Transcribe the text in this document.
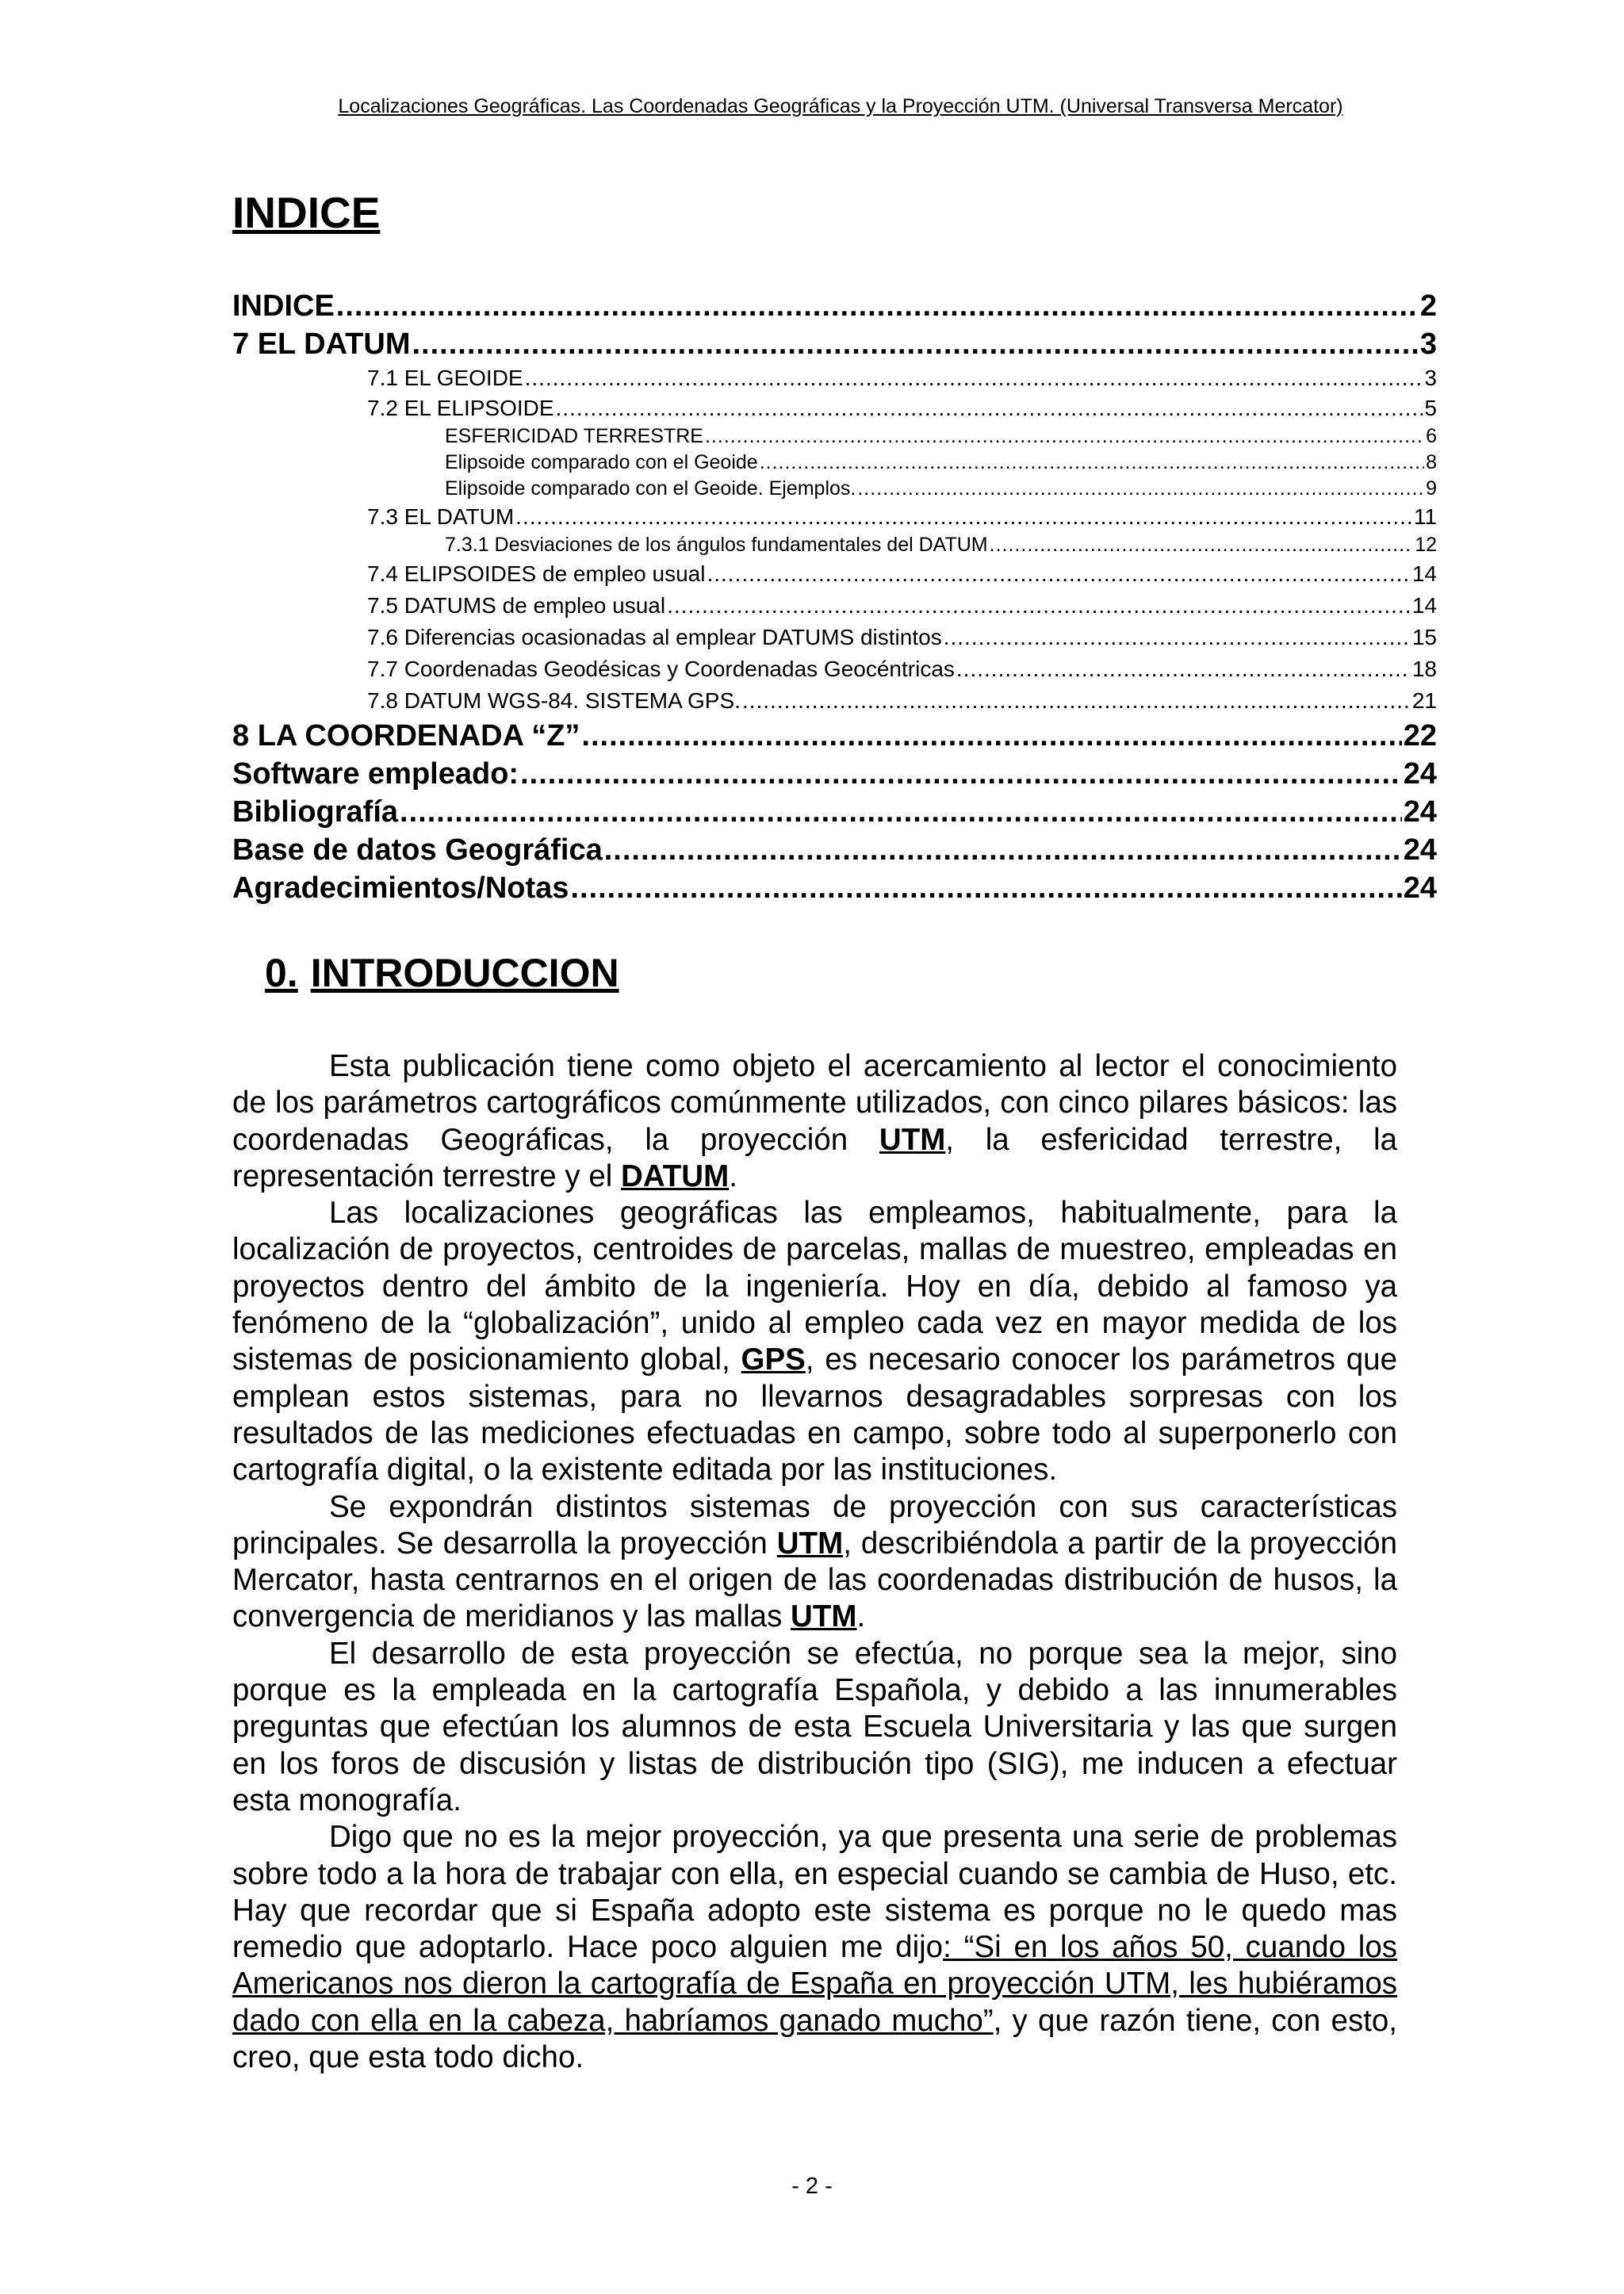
Localizaciones Geográficas. Las Coordenadas Geográficas y la Proyección UTM. (Universal Transversa Mercator)
INDICE
INDICE .....	2
7 EL DATUM .....	3
7.1 EL GEOIDE .....	3
7.2 EL ELIPSOIDE .....	5
ESFERICIDAD TERRESTRE .....	6
Elipsoide comparado con el Geoide .....	8
Elipsoide comparado con el Geoide. Ejemplos. .....	9
7.3 EL DATUM .....	11
7.3.1 Desviaciones de los ángulos fundamentales del DATUM .....	12
7.4 ELIPSOIDES de empleo usual .....	14
7.5 DATUMS de empleo usual .....	14
7.6 Diferencias ocasionadas al emplear DATUMS distintos .....	15
7.7 Coordenadas Geodésicas y Coordenadas Geocéntricas .....	18
7.8 DATUM WGS-84. SISTEMA GPS. .....	21
8 LA COORDENADA “Z” .....	22
Software empleado: .....	24
Bibliografía .....	24
Base de datos Geográfica .....	24
Agradecimientos/Notas .....	24
0. INTRODUCCION

Esta publicación tiene como objeto el acercamiento al lector el conocimiento de los parámetros cartográficos comúnmente utilizados, con cinco pilares básicos: las coordenadas Geográficas, la proyección UTM, la esfericidad terrestre, la representación terrestre y el DATUM.

Las localizaciones geográficas las empleamos, habitualmente, para la localización de proyectos, centroides de parcelas, mallas de muestreo, empleadas en proyectos dentro del ámbito de la ingeniería. Hoy en día, debido al famoso ya fenómeno de la “globalización”, unido al empleo cada vez en mayor medida de los sistemas de posicionamiento global, GPS, es necesario conocer los parámetros que emplean estos sistemas, para no llevarnos desagradables sorpresas con los resultados de las mediciones efectuadas en campo, sobre todo al superponerlo con cartografía digital, o la existente editada por las instituciones.

Se expondrán distintos sistemas de proyección con sus características principales. Se desarrolla la proyección UTM, describiéndola a partir de la proyección Mercator, hasta centrarnos en el origen de las coordenadas distribución de husos, la convergencia de meridianos y las mallas UTM.

El desarrollo de esta proyección se efectúa, no porque sea la mejor, sino porque es la empleada en la cartografía Española, y debido a las innumerables preguntas que efectúan los alumnos de esta Escuela Universitaria y las que surgen en los foros de discusión y listas de distribución tipo (SIG), me inducen a efectuar esta monografía.

Digo que no es la mejor proyección, ya que presenta una serie de problemas sobre todo a la hora de trabajar con ella, en especial cuando se cambia de Huso, etc. Hay que recordar que si España adopto este sistema es porque no le quedo mas remedio que adoptarlo. Hace poco alguien me dijo: “Si en los años 50, cuando los Americanos nos dieron la cartografía de España en proyección UTM, les hubiéramos dado con ella en la cabeza, habríamos ganado mucho”, y que razón tiene, con esto, creo, que esta todo dicho.

- 2 -
